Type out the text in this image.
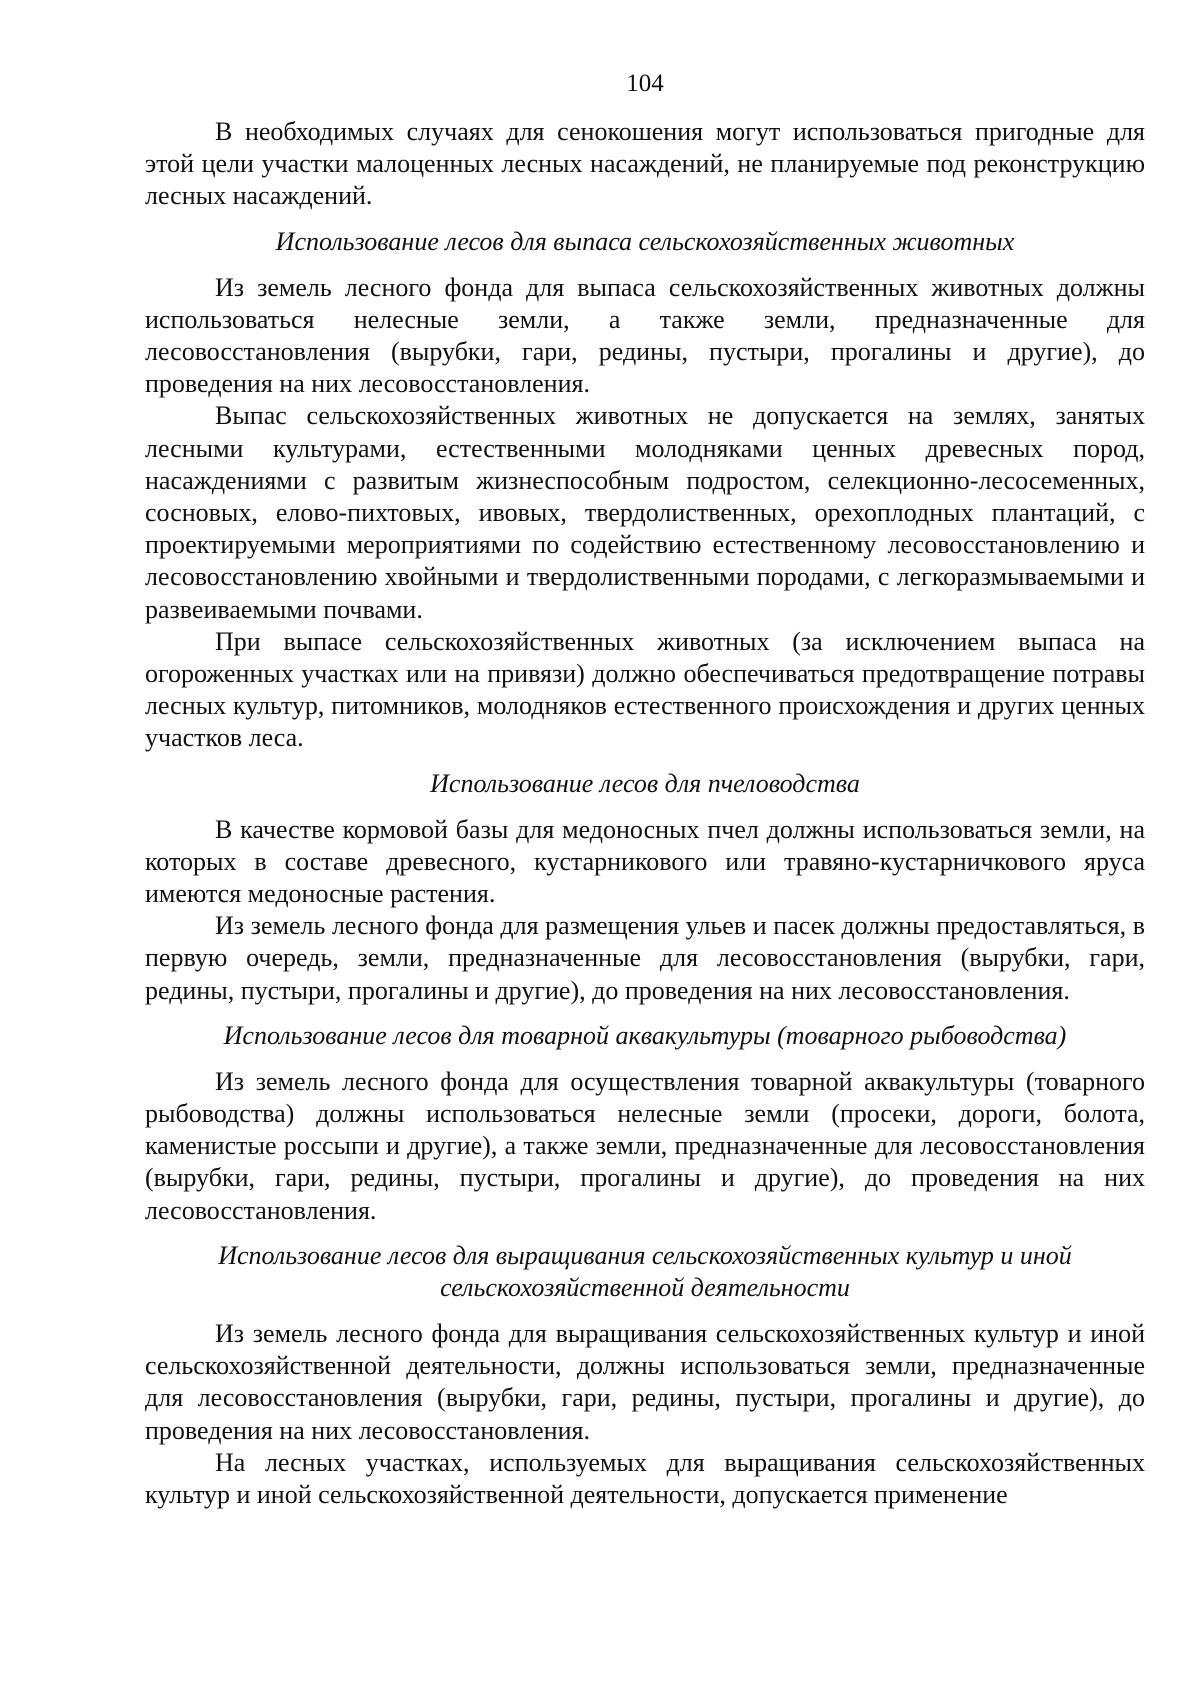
104

В необходимых случаях для сенокошения могут использоваться пригодные для этой цели участки малоценных лесных насаждений, не планируемые под реконструкцию лесных насаждений.

Использование лесов для выпаса сельскохозяйственных животных

Из земель лесного фонда для выпаса сельскохозяйственных животных должны использоваться нелесные земли, а также земли, предназначенные для лесовосстановления (вырубки, гари, редины, пустыри, прогалины и другие), до проведения на них лесовосстановления.

Выпас сельскохозяйственных животных не допускается на землях, занятых лесными культурами, естественными молодняками ценных древесных пород, насаждениями с развитым жизнеспособным подростом, селекционно-лесосеменных, сосновых, елово-пихтовых, ивовых, твердолиственных, орехоплодных плантаций, с проектируемыми мероприятиями по содействию естественному лесовосстановлению и лесовосстановлению хвойными и твердолиственными породами, с легкоразмываемыми и развеиваемыми почвами.

При выпасе сельскохозяйственных животных (за исключением выпаса на огороженных участках или на привязи) должно обеспечиваться предотвращение потравы лесных культур, питомников, молодняков естественного происхождения и других ценных участков леса.

Использование лесов для пчеловодства

В качестве кормовой базы для медоносных пчел должны использоваться земли, на которых в составе древесного, кустарникового или травяно-кустарничкового яруса имеются медоносные растения.

Из земель лесного фонда для размещения ульев и пасек должны предоставляться, в первую очередь, земли, предназначенные для лесовосстановления (вырубки, гари, редины, пустыри, прогалины и другие), до проведения на них лесовосстановления.

Использование лесов для товарной аквакультуры (товарного рыбоводства)

Из земель лесного фонда для осуществления товарной аквакультуры (товарного рыбоводства) должны использоваться нелесные земли (просеки, дороги, болота, каменистые россыпи и другие), а также земли, предназначенные для лесовосстановления (вырубки, гари, редины, пустыри, прогалины и другие), до проведения на них лесовосстановления.

Использование лесов для выращивания сельскохозяйственных культур и иной
сельскохозяйственной деятельности

Из земель лесного фонда для выращивания сельскохозяйственных культур и иной сельскохозяйственной деятельности, должны использоваться земли, предназначенные для лесовосстановления (вырубки, гари, редины, пустыри, прогалины и другие), до проведения на них лесовосстановления.

На лесных участках, используемых для выращивания сельскохозяйственных культур и иной сельскохозяйственной деятельности, допускается применение
